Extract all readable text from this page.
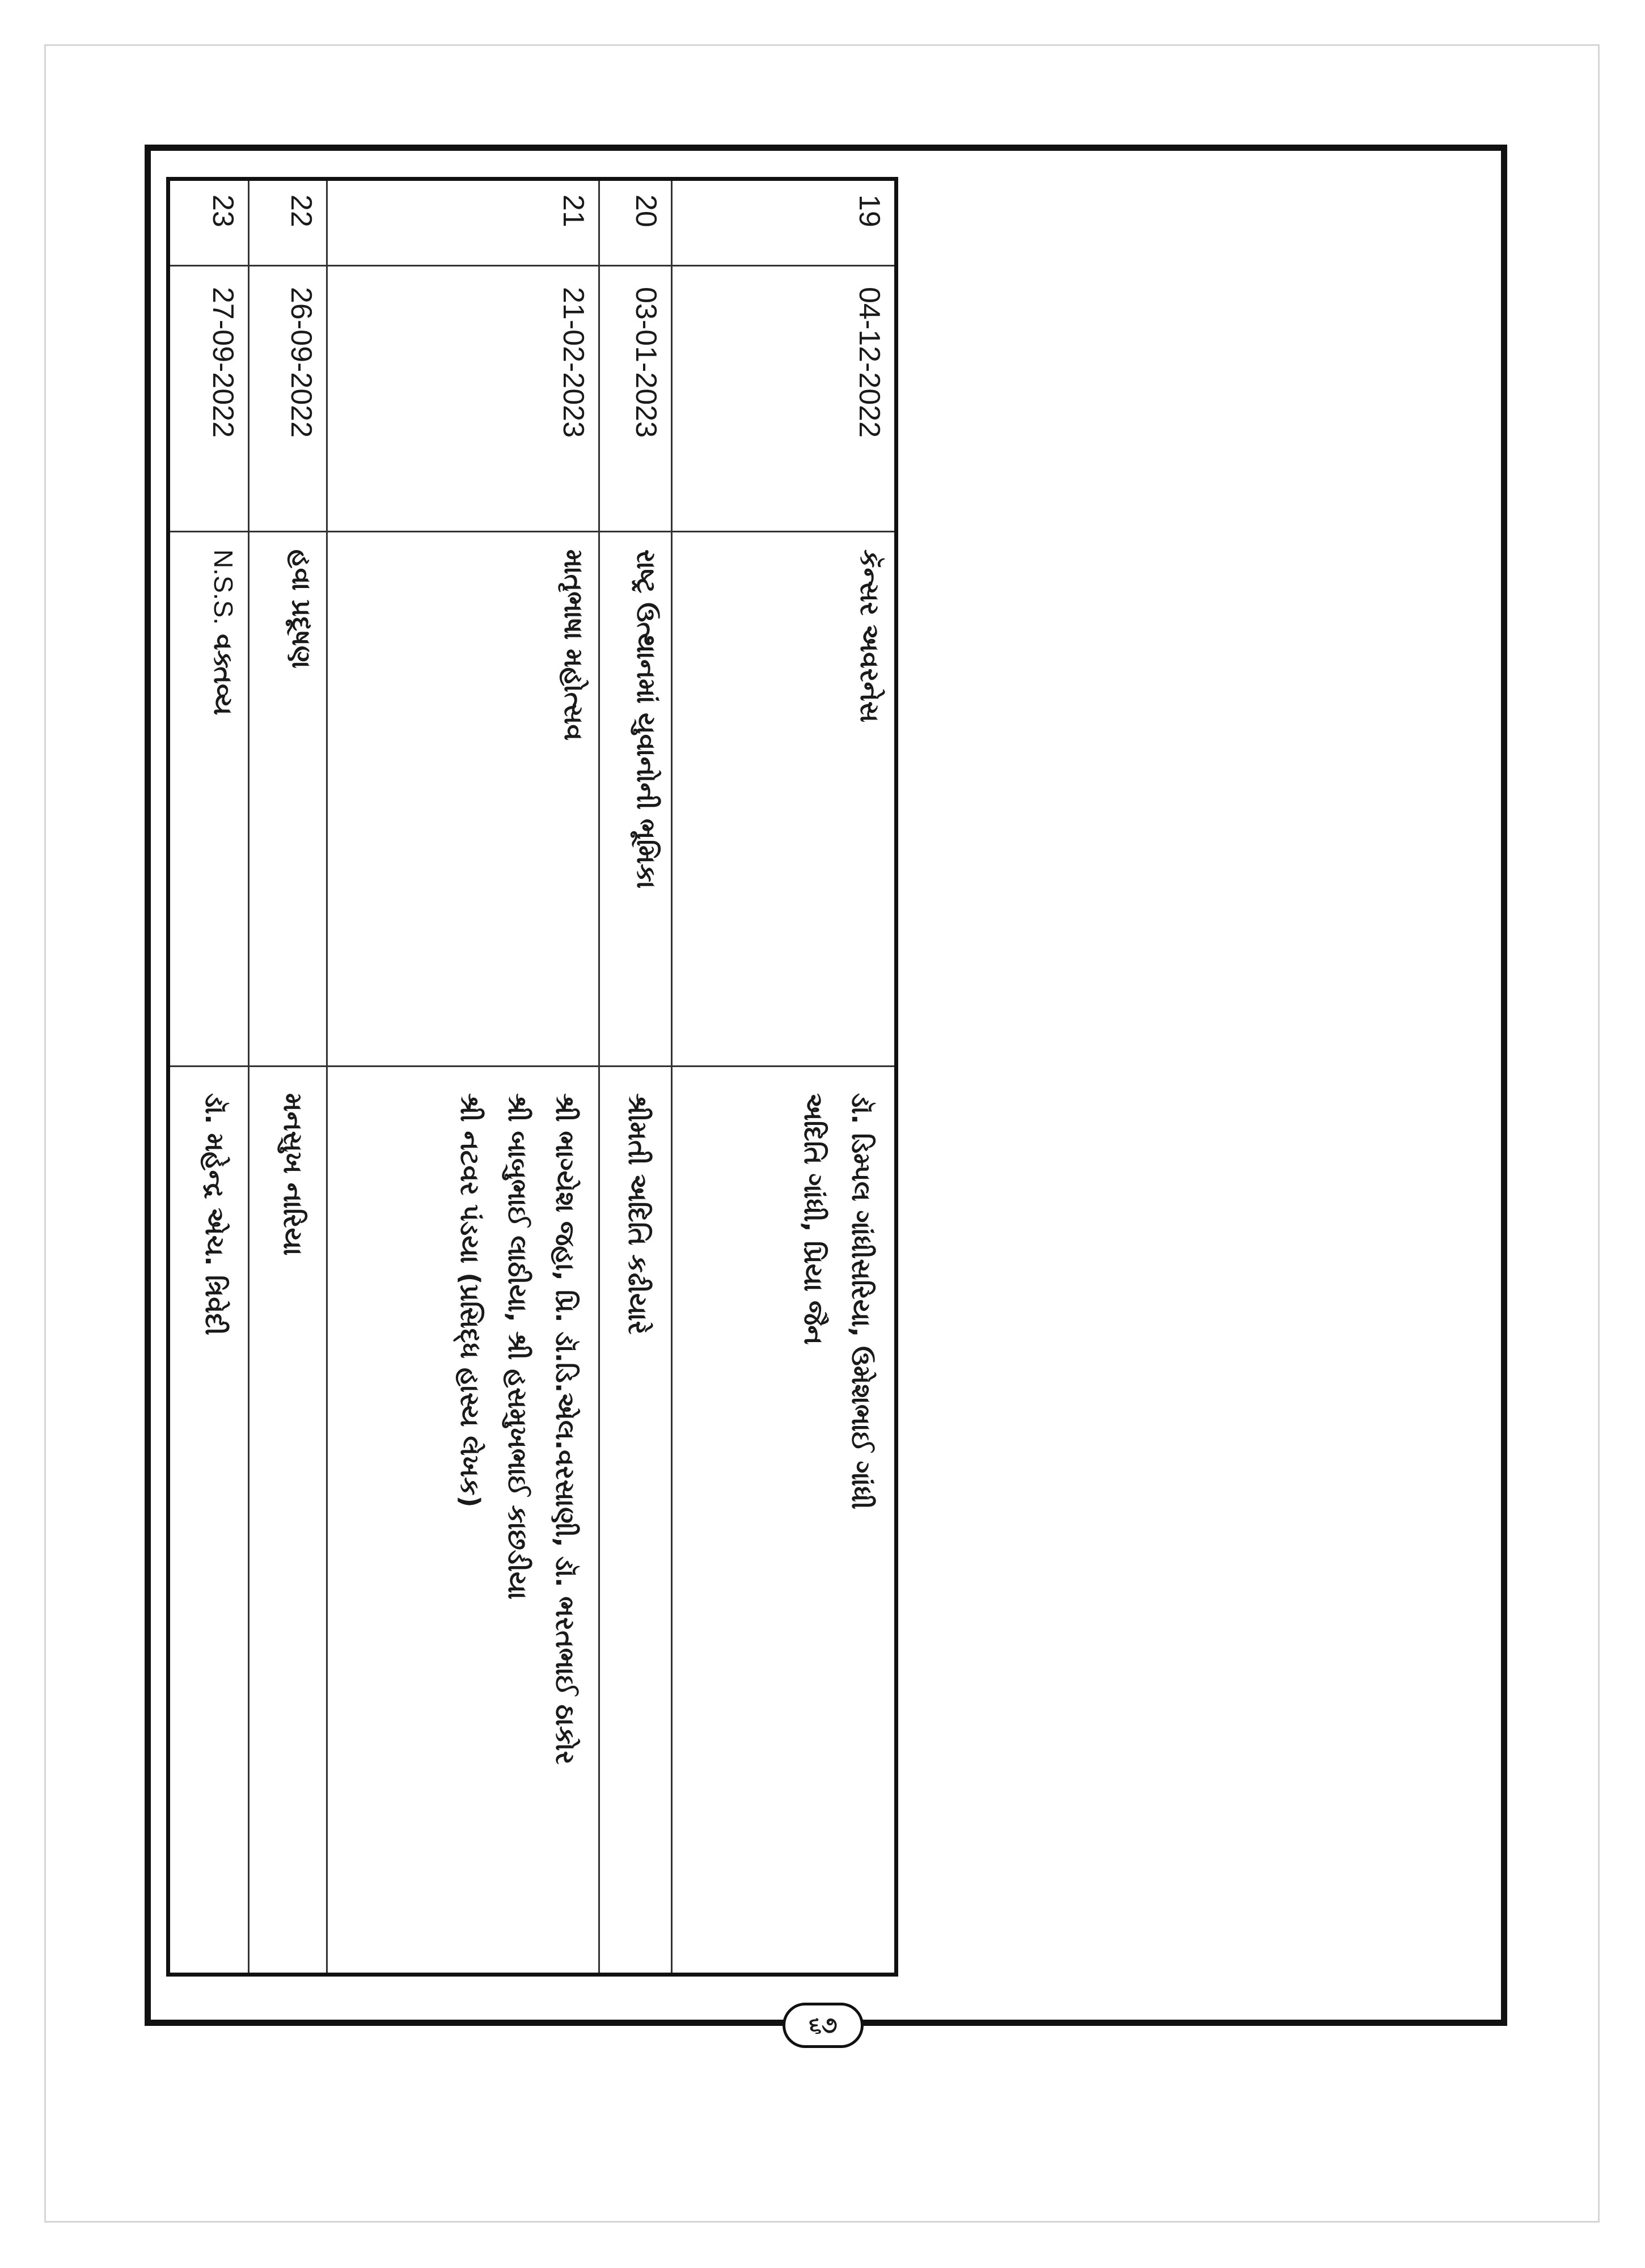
19	04-12-2022	કૅન્સર અવરનેસ	ડૉ. ડિમ્પલ ગાંધીસરિયા, ઉમેશભાઈ ગાંધી
અદિતિ ગાંધી, પ્રિયા જૈન

20	03-01-2023	રાષ્ટ્ર ઉત્થાનમાં યુવાનોની ભૂમિકા	શ્રીમતી અદિતિ કઢીયારે

21	21-02-2023	માતૃભાષા મહોત્સવ	શ્રી ભાગ્યેશ જહા, પ્રિ. ડૉ.ડિ.એલ.વરસાણી, ડૉ. ભરતભાઈ ઠાકોર
શ્રી બાબુભાઈ લાઠીયા, શ્રી હસમુખભાઈ કાછડીયા
શ્રી નટવર પંડયા (પ્રસિદ્ધ હાસ્ય લેખક)

22	26-09-2022	હવા પ્રદૂષણ	મનસુખ નારિયા

23	27-09-2022	N.S.S. વક્તવ્ય	ડૉ. મહેન્દ્ર એચ. ત્રિવેદી
૬૭
